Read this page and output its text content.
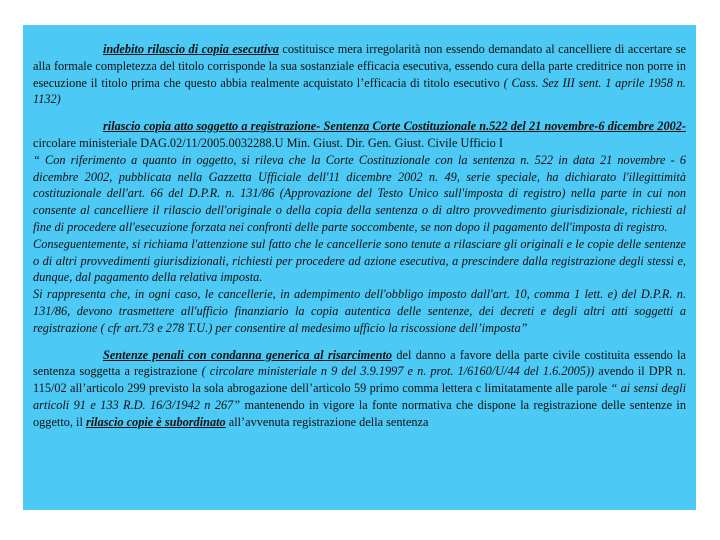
indebito rilascio di copia esecutiva costituisce mera irregolarità non essendo demandato al cancelliere di accertare se alla formale completezza del titolo corrisponde la sua sostanziale efficacia esecutiva, essendo cura della parte creditrice non porre in esecuzione il titolo prima che questo abbia realmente acquistato l’efficacia di titolo esecutivo ( Cass. Sez III sent. 1 aprile 1958 n. 1132)

rilascio copia atto soggetto a registrazione- Sentenza Corte Costituzionale n.522 del 21 novembre-6 dicembre 2002- circolare ministeriale DAG.02/11/2005.0032288.U Min. Giust. Dir. Gen. Giust. Civile Ufficio I

“ Con riferimento a quanto in oggetto, si rileva che la Corte Costituzionale con la sentenza n. 522 in data 21 novembre - 6 dicembre 2002, pubblicata nella Gazzetta Ufficiale dell'11 dicembre 2002 n. 49, serie speciale, ha dichiarato l'illegittimità costituzionale dell'art. 66 del D.P.R. n. 131/86 (Approvazione del Testo Unico sull'imposta di registro) nella parte in cui non consente al cancelliere il rilascio dell'originale o della copia della sentenza o di altro provvedimento giurisdizionale, richiesti al fine di procedere all'esecuzione forzata nei confronti delle parte soccombente, se non dopo il pagamento dell'imposta di registro.

Conseguentemente, si richiama l'attenzione sul fatto che le cancellerie sono tenute a rilasciare gli originali e le copie delle sentenze o di altri provvedimenti giurisdizionali, richiesti per procedere ad azione esecutiva, a prescindere dalla registrazione degli stessi e, dunque, dal pagamento della relativa imposta.

Si rappresenta che, in ogni caso, le cancellerie, in adempimento dell'obbligo imposto dall'art. 10, comma 1 lett. e) del D.P.R. n. 131/86, devono trasmettere all'ufficio finanziario la copia autentica delle sentenze, dei decreti e degli altri atti soggetti a registrazione ( cfr art.73 e 278 T.U.) per consentire al medesimo ufficio la riscossione dell’imposta”

Sentenze penali con condanna generica al risarcimento del danno a favore della parte civile costituita essendo la sentenza soggetta a registrazione ( circolare ministeriale n 9 del 3.9.1997 e n. prot. 1/6160/U/44 del 1.6.2005)) avendo il DPR n. 115/02 all’articolo 299 previsto la sola abrogazione dell’articolo 59 primo comma lettera c limitatamente alle parole “ ai sensi degli articoli 91 e 133 R.D. 16/3/1942 n 267” mantenendo in vigore la fonte normativa che dispone la registrazione delle sentenze in oggetto, il rilascio copie è subordinato all’avvenuta registrazione della sentenza
